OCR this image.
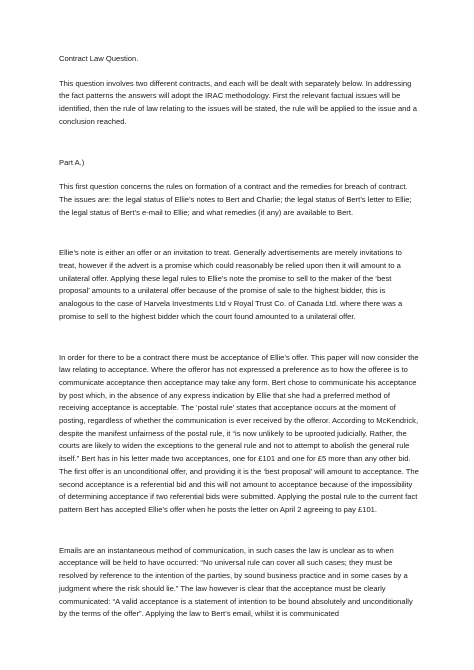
Contract Law Question.

This question involves two different contracts, and each will be dealt with separately below. In addressing the fact patterns the answers will adopt the IRAC methodology. First the relevant factual issues will be identified, then the rule of law relating to the issues will be stated, the rule will be applied to the issue and a conclusion reached.

Part A.)

This first question concerns the rules on formation of a contract and the remedies for breach of contract. The issues are: the legal status of Ellie’s notes to Bert and Charlie; the legal status of Bert’s letter to Ellie; the legal status of Bert’s e-mail to Ellie; and what remedies (if any) are available to Bert.

Ellie’s note is either an offer or an invitation to treat. Generally advertisements are merely invitations to treat, however if the advert is a promise which could reasonably be relied upon then it will amount to a unilateral offer. Applying these legal rules to Ellie’s note the promise to sell to the maker of the ‘best proposal’ amounts to a unilateral offer because of the promise of sale to the highest bidder, this is analogous to the case of Harvela Investments Ltd v Royal Trust Co. of Canada Ltd. where there was a promise to sell to the highest bidder which the court found amounted to a unilateral offer.

In order for there to be a contract there must be acceptance of Ellie’s offer. This paper will now consider the law relating to acceptance. Where the offeror has not expressed a preference as to how the offeree is to communicate acceptance then acceptance may take any form. Bert chose to communicate his acceptance by post which, in the absence of any express indication by Ellie that she had a preferred method of receiving acceptance is acceptable. The ‘postal rule’ states that acceptance occurs at the moment of posting, regardless of whether the communication is ever received by the offeror. According to McKendrick, despite the manifest unfairness of the postal rule, it “is now unlikely to be uprooted judicially. Rather, the courts are likely to widen the exceptions to the general rule and not to attempt to abolish the general rule itself.” Bert has in his letter made two acceptances, one for £101 and one for £5 more than any other bid. The first offer is an unconditional offer, and providing it is the ‘best proposal’ will amount to acceptance. The second acceptance is a referential bid and this will not amount to acceptance because of the impossibility of determining acceptance if two referential bids were submitted. Applying the postal rule to the current fact pattern Bert has accepted Ellie’s offer when he posts the letter on April 2 agreeing to pay £101.

Emails are an instantaneous method of communication, in such cases the law is unclear as to when acceptance will be held to have occurred: “No universal rule can cover all such cases; they must be resolved by reference to the intention of the parties, by sound business practice and in some cases by a judgment where the risk should lie.” The law however is clear that the acceptance must be clearly communicated: “A valid acceptance is a statement of intention to be bound absolutely and unconditionally by the terms of the offer”. Applying the law to Bert’s email, whilst it is communicated
